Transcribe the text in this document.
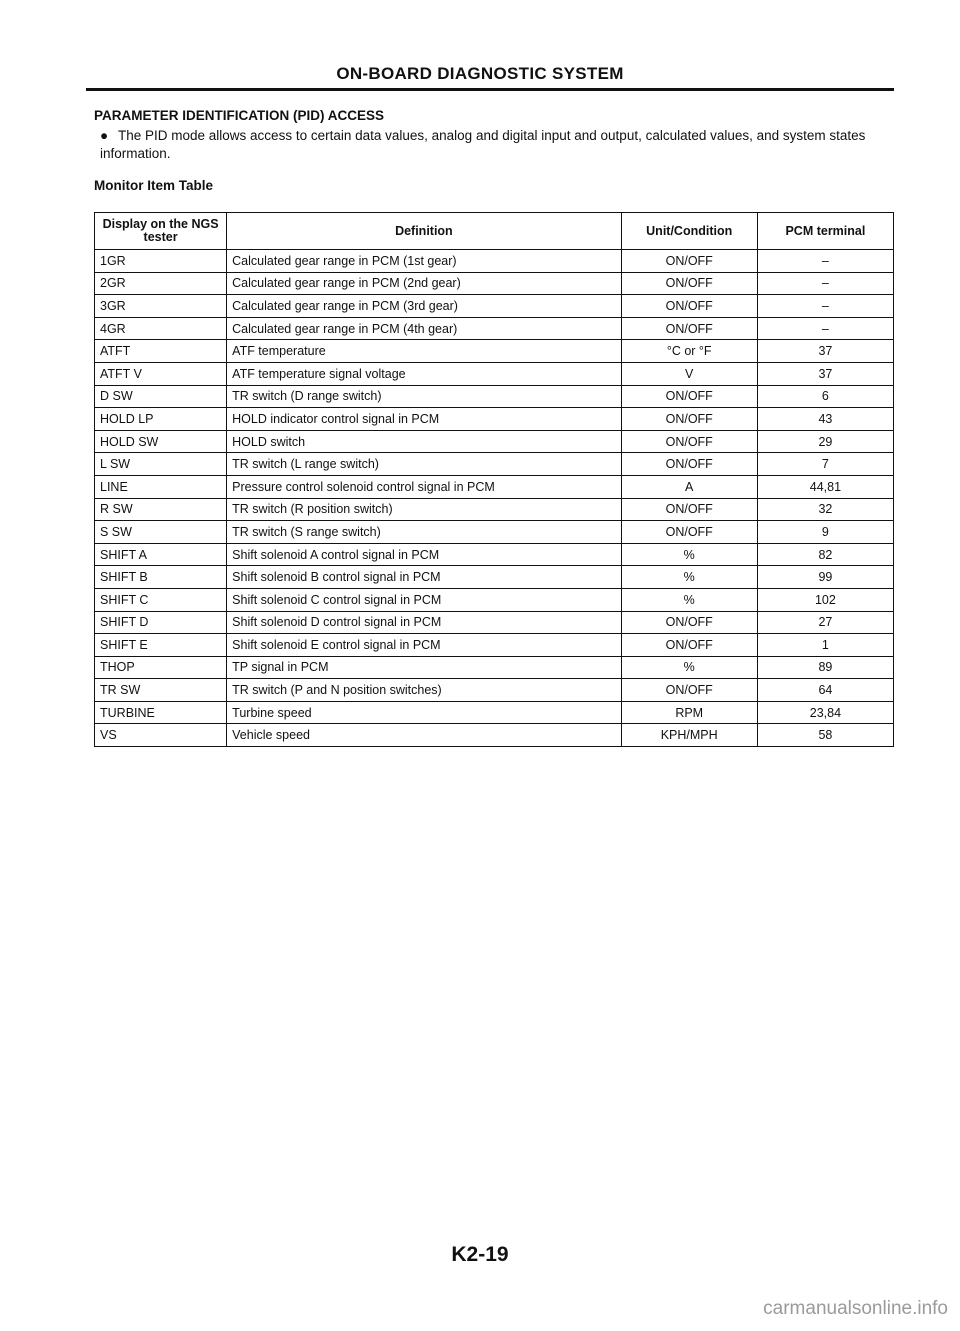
ON-BOARD DIAGNOSTIC SYSTEM
PARAMETER IDENTIFICATION (PID) ACCESS
● The PID mode allows access to certain data values, analog and digital input and output, calculated values, and system states information.
Monitor Item Table
Display on the NGS tester	Definition	Unit/Condition	PCM terminal
1GR	Calculated gear range in PCM (1st gear)	ON/OFF	–
2GR	Calculated gear range in PCM (2nd gear)	ON/OFF	–
3GR	Calculated gear range in PCM (3rd gear)	ON/OFF	–
4GR	Calculated gear range in PCM (4th gear)	ON/OFF	–
ATFT	ATF temperature	°C or °F	37
ATFT V	ATF temperature signal voltage	V	37
D SW	TR switch (D range switch)	ON/OFF	6
HOLD LP	HOLD indicator control signal in PCM	ON/OFF	43
HOLD SW	HOLD switch	ON/OFF	29
L SW	TR switch (L range switch)	ON/OFF	7
LINE	Pressure control solenoid control signal in PCM	A	44,81
R SW	TR switch (R position switch)	ON/OFF	32
S SW	TR switch (S range switch)	ON/OFF	9
SHIFT A	Shift solenoid A control signal in PCM	%	82
SHIFT B	Shift solenoid B control signal in PCM	%	99
SHIFT C	Shift solenoid C control signal in PCM	%	102
SHIFT D	Shift solenoid D control signal in PCM	ON/OFF	27
SHIFT E	Shift solenoid E control signal in PCM	ON/OFF	1
THOP	TP signal in PCM	%	89
TR SW	TR switch (P and N position switches)	ON/OFF	64
TURBINE	Turbine speed	RPM	23,84
VS	Vehicle speed	KPH/MPH	58
K2-19
carmanualsonline.info
